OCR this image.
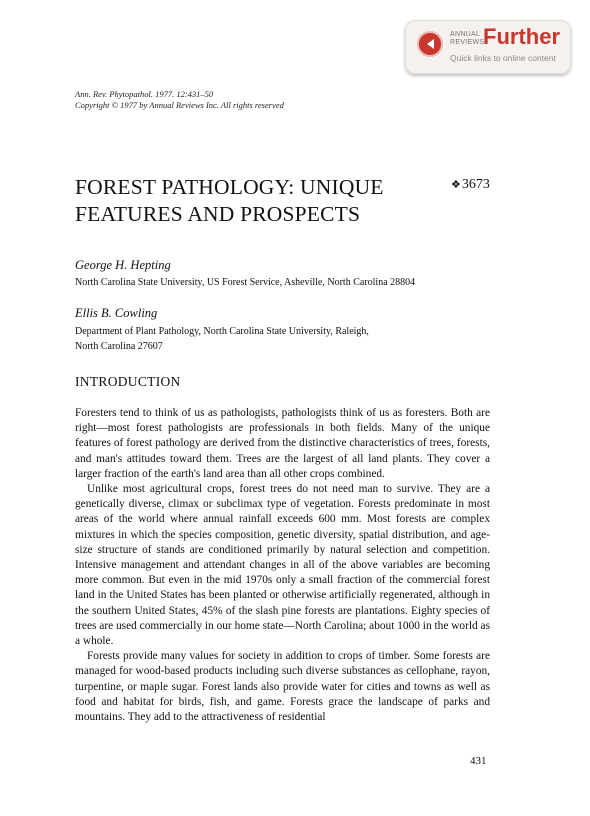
ANNUAL
REVIEWS
Further
Quick links to online content
Ann. Rev. Phytopathol. 1977. 12:431–50
Copyright © 1977 by Annual Reviews Inc. All rights reserved
FOREST PATHOLOGY: UNIQUE
FEATURES AND PROSPECTS
❖3673
George H. Hepting
North Carolina State University, US Forest Service, Asheville, North Carolina 28804
Ellis B. Cowling
Department of Plant Pathology, North Carolina State University, Raleigh,
North Carolina 27607
INTRODUCTION

Foresters tend to think of us as pathologists, pathologists think of us as foresters. Both are right—most forest pathologists are professionals in both fields. Many of the unique features of forest pathology are derived from the distinctive characteristics of trees, forests, and man's attitudes toward them. Trees are the largest of all land plants. They cover a larger fraction of the earth's land area than all other crops combined.

Unlike most agricultural crops, forest trees do not need man to survive. They are a genetically diverse, climax or subclimax type of vegetation. Forests predominate in most areas of the world where annual rainfall exceeds 600 mm. Most forests are complex mixtures in which the species composition, genetic diversity, spatial distribution, and age-size structure of stands are conditioned primarily by natural selection and competition. Intensive management and attendant changes in all of the above variables are becoming more common. But even in the mid 1970s only a small fraction of the commercial forest land in the United States has been planted or otherwise artificially regenerated, although in the southern United States, 45% of the slash pine forests are plantations. Eighty species of trees are used commercially in our home state—North Carolina; about 1000 in the world as a whole.

Forests provide many values for society in addition to crops of timber. Some forests are managed for wood-based products including such diverse substances as cellophane, rayon, turpentine, or maple sugar. Forest lands also provide water for cities and towns as well as food and habitat for birds, fish, and game. Forests grace the landscape of parks and mountains. They add to the attractiveness of residential

431
